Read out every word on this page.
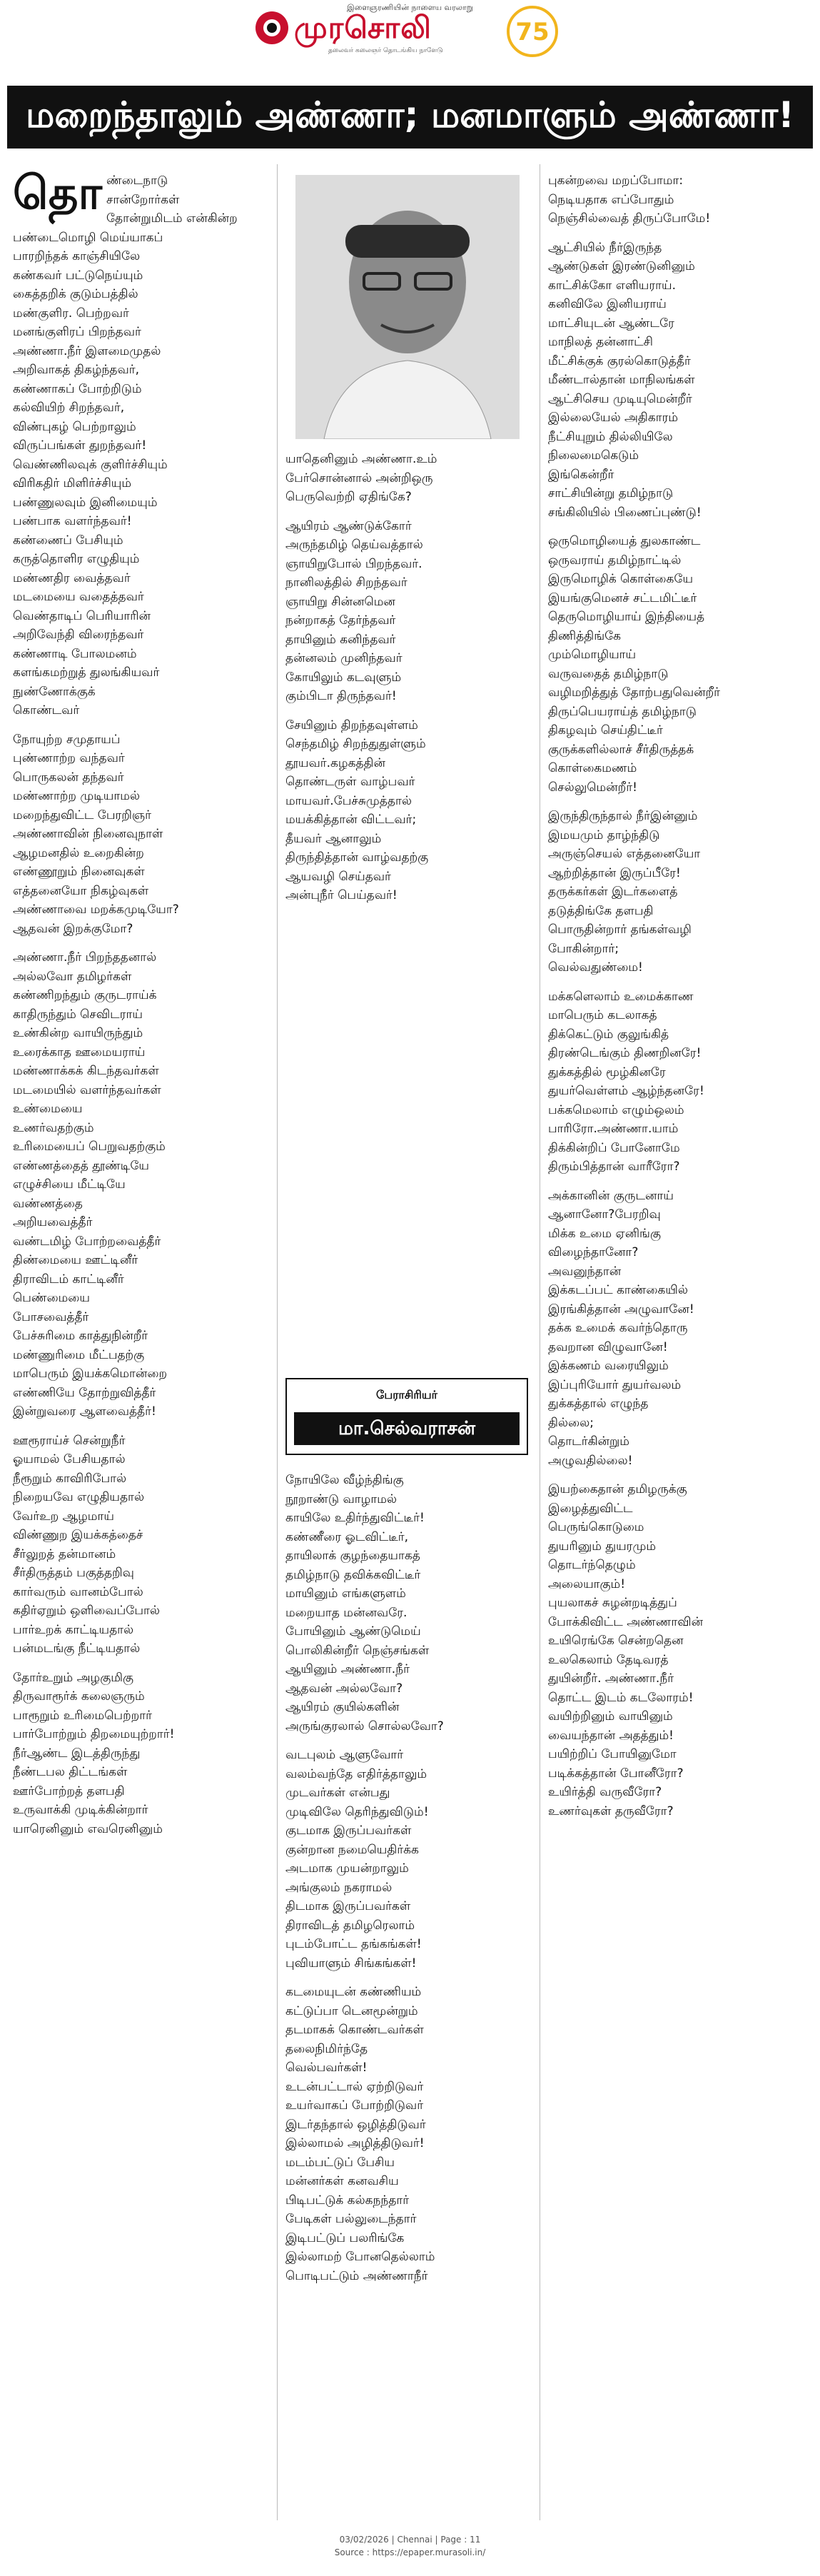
இளைஞரணியின் நாளைய வரலாறு
முரசொலி
தலைவர் கலைஞர் தொடங்கிய நாளேடு
75
மறைந்தாலும் அண்ணா; மனமாளும் அண்ணா!
தொ ண்டைநாடு
சான்றோர்கள்
தோன்றுமிடம் என்கின்ற
பண்டைமொழி மெய்யாகப்
பாரறிந்தக் காஞ்சியிலே
கண்கவர் பட்டுநெய்யும்
கைத்தறிக் குடும்பத்தில்
மண்குளிர. பெற்றவர்
மனங்குளிரப் பிறந்தவர்
அண்ணா.நீர் இளமைமுதல்
அறிவாகத் திகழ்ந்தவர்,
கண்ணாகப் போற்றிடும்
கல்வியிற் சிறந்தவர்,
விண்புகழ் பெற்றாலும்
விருப்பங்கள் துறந்தவர்!
வெண்ணிலவுக் குளிர்ச்சியும்
விரிகதிர் மிளிர்ச்சியும்
பண்ணுலவும் இனிமையும்
பண்பாக வளர்ந்தவர்!
கண்ணைப் பேசியும்
கருத்தொளிர எழுதியும்
மண்ணதிர வைத்தவர்
மடமையை வதைத்தவர்
வெண்தாடிப் பெரியாரின்
அறிவேந்தி விரைந்தவர்
கண்ணாடி போலமனம்
களங்கமற்றுத் துலங்கியவர்
நுண்ணோக்குக்
கொண்டவர்

நோயுற்ற சமுதாயப்
புண்ணாற்ற வந்தவர்
பொருகலன் தந்தவர்
மண்ணாற்ற முடியாமல்
மறைந்துவிட்ட பேரறிஞர்
அண்ணாவின் நினைவுநாள்
ஆழமனதில் உறைகின்ற
எண்ணூறும் நினைவுகள்
எத்தனையோ நிகழ்வுகள்
அண்ணாவை மறக்கமுடியோ?
ஆதவன் இறக்குமோ?

அண்ணா.நீர் பிறந்ததனால்
அல்லவோ தமிழர்கள்
கண்ணிறந்தும் குருடராய்க்
காதிருந்தும் செவிடராய்
உண்கின்ற வாயிருந்தும்
உரைக்காத ஊமையராய்
மண்ணாக்கக் கிடந்தவர்கள்
மடமையில் வளர்ந்தவர்கள்
உண்மையை
உணர்வதற்கும்
உரிமையைப் பெறுவதற்கும்
எண்ணத்தைத் தூண்டியே
எழுச்சியை மீட்டியே
வண்ணத்தை
அறியவைத்தீர்
வண்டமிழ் போற்றவைத்தீர்
திண்மையை ஊட்டினீர்
திராவிடம் காட்டினீர்
பெண்மையை
போசவைத்தீர்
பேச்சுரிமை காத்துநின்றீர்
மண்ணுரிமை மீட்பதற்கு
மாபெரும் இயக்கமொன்றை
எண்ணியே தோற்றுவித்தீர்
இன்றுவரை ஆளவைத்தீர்!

ஊரூராய்ச் சென்றுநீர்
ஓயாமல் பேசியதால்
நீரூறும் காவிரிபோல்
நிறையவே எழுதியதால்
வேர்உற ஆழமாய்
விண்ணுற இயக்கத்தைச்
சீர்லுறத் தன்மானம்
சீர்திருத்தம் பகுத்தறிவு
கார்வரும் வானம்போல்
கதிர்ஏறும் ஒளிவைப்போல்
பார்உறக் காட்டியதால்
பன்மடங்கு நீட்டியதால்

தோர்உறும் அழகுமிகு
திருவாரூர்க் கலைஞரும்
பாரூறும் உரிமைபெற்றார்
பார்போற்றும் திறமையுற்றார்!
நீர்ஆண்ட இடத்திருந்து
நீண்டபல திட்டங்கள்
ஊர்போற்றத் தளபதி
உருவாக்கி முடிக்கின்றார்
யாரெனினும் எவரெனினும்

யாதெனினும் அண்ணா.உம்
பேர்சொன்னால் அன்றிஒரு
பெருவெற்றி ஏதிங்கே?

ஆயிரம் ஆண்டுக்கோர்
அருந்தமிழ் தெய்வத்தால்
ஞாயிறுபோல் பிறந்தவர்.
நானிலத்தில் சிறந்தவர்
ஞாயிறு சின்னமென
நன்றாகத் தேர்ந்தவர்
தாயினும் கனிந்தவர்
தன்னலம் முனிந்தவர்
கோயிலும் கடவுளும்
கும்பிடா திருந்தவர்!

சேயினும் திறந்தவுள்ளம்
செந்தமிழ் சிறந்துதுள்ளும்
தூயவர்.கழகத்தின்
தொண்டருள் வாழ்பவர்
மாயவர்.பேச்சுமுத்தால்
மயக்கித்தான் விட்டவர்;
தீயவர் ஆனாலும்
திருந்தித்தான் வாழ்வதற்கு
ஆயவழி செய்தவர்
அன்புநீர் பெய்தவர்!

பேராசிரியர்
மா.செல்வராசன்

நோயிலே வீழ்ந்திங்கு
நூறாண்டு வாழாமல்
காயிலே உதிர்ந்துவிட்டீர்!
கண்ணீரை ஓடவிட்டீர்,
தாயிலாக் குழந்தையாகத்
தமிழ்நாடு தவிக்கவிட்டீர்
மாயினும் எங்களுளம்
மறையாத மன்னவரே.
போயினும் ஆண்டுமெய்
பொலிகின்றீர் நெஞ்சங்கள்
ஆயினும் அண்ணா.நீர்
ஆதவன் அல்லவோ?
ஆயிரம் குயில்களின்
அருங்குரலால் சொல்லவோ?

வடபுலம் ஆளுவோர்
வலம்வந்தே எதிர்த்தாலும்
முடவர்கள் என்பது
முடிவிலே தெரிந்துவிடும்!
குடமாக இருப்பவர்கள்
குன்றான நமையெதிர்க்க
அடமாக முயன்றாலும்
அங்குலம் நகராமல்
திடமாக இருப்பவர்கள்
திராவிடத் தமிழரெலாம்
புடம்போட்ட தங்கங்கள்!
புவியாளும் சிங்கங்கள்!

கடமையுடன் கண்ணியம்
கட்டுப்பா டெனமூன்றும்
தடமாகக் கொண்டவர்கள்
தலைநிமிர்ந்தே
வெல்பவர்கள்!
உடன்பட்டால் ஏற்றிடுவர்
உயர்வாகப் போற்றிடுவர்
இடர்தந்தால் ஒழித்திடுவர்
இல்லாமல் அழித்திடுவர்!
மடம்பட்டுப் பேசிய
மன்னர்கள் கனவசிய
பிடிபட்டுக் கல்கநந்தார்
பேடிகள் பல்லுடைந்தார்
இடிபட்டுப் பலரிங்கே
இல்லாமற் போனதெல்லாம்
பொடிபட்டும் அண்ணாநீர்

புகன்றவை மறப்போமா:
நெடியதாக எப்போதும்
நெஞ்சில்வைத் திருப்போமே!

ஆட்சியில் நீர்இருந்த
ஆண்டுகள் இரண்டுனினும்
காட்சிக்கோ எளியராய்.
கனிவிலே இனியராய்
மாட்சியுடன் ஆண்டரே
மாநிலத் தன்னாட்சி
மீட்சிக்குக் குரல்கொடுத்தீர்
மீண்டால்தான் மாநிலங்கள்
ஆட்சிசெய முடியுமென்றீர்
இல்லையேல் அதிகாரம்
நீட்சியுறும் தில்லியிலே
நிலைமைகெடும்
இங்கென்றீர்
சாட்சியின்று தமிழ்நாடு
சங்கிலியில் பிணைப்புண்டு!

ஒருமொழியைத் துலகாண்ட
ஒருவராய் தமிழ்நாட்டில்
இருமொழிக் கொள்கையே
இயங்குமெனச் சட்டமிட்டீர்
தெருமொழியாய் இந்தியைத்
திணித்திங்கே
மும்மொழியாய்
வருவதைத் தமிழ்நாடு
வழிமறித்துத் தோற்பதுவென்றீர்
திருப்பெயராய்த் தமிழ்நாடு
திகழவும் செய்திட்டீர்
குருக்களில்லாச் சீர்திருத்தக்
கொள்கைமணம்
செல்லுமென்றீர்!

இருந்திருந்தால் நீர்இன்னும்
இமயமும் தாழ்ந்திடு
அருஞ்செயல் எத்தனையோ
ஆற்றித்தான் இருப்பீரே!
தருக்கர்கள் இடர்களைத்
தடுத்திங்கே தளபதி
பொருதின்றார் தங்கள்வழி
போகின்றார்;
வெல்வதுண்மை!

மக்களெலாம் உமைக்காண
மாபெரும் கடலாகத்
திக்கெட்டும் குலுங்கித்
திரண்டெங்கும் திணறினரே!
துக்கத்தில் மூழ்கினரே
துயர்வெள்ளம் ஆழ்ந்தனரே!
பக்கமெலாம் எழும்ஒலம்
பாரிரோ.அண்ணா.யாம்
திக்கின்றிப் போனோமே
திரும்பித்தான் வாரீரோ?

அக்கானின் குருடனாய்
ஆனானோ?பேரறிவு
மிக்க உமை ஏனிங்கு
விழைந்தானோ?
அவனுந்தான்
இக்கடப்பட் காண்கையில்
இரங்கித்தான் அழுவானே!
தக்க உமைக் கவர்ந்தொரு
தவறான விழுவானே!
இக்கணம் வரையிலும்
இப்புரியோர் துயர்வலம்
துக்கத்தால் எழுந்த
தில்லை;
தொடர்கின்றும்
அழுவதில்லை!

இயற்கைதான் தமிழருக்கு
இழைத்துவிட்ட
பெருங்கொடுமை
துயரினும் துயரமும்
தொடர்ந்தெழும்
அலையாகும்!
புயலாகச் சுழன்றடித்துப்
போக்கிவிட்ட அண்ணாவின்
உயிரெங்கே சென்றதென
உலகெலாம் தேடிவரத்
துயின்றீர். அண்ணா.நீர்
தொட்ட இடம் கடலோரம்!
வயிற்றினும் வாயினும்
வையந்தான் அதத்தும்!
பயிற்றிப் போயினுமோ
படிக்கத்தான் போனீரோ?
உயிர்த்தி வருவீரோ?
உணர்வுகள் தருவீரோ?

03/02/2026 | Chennai | Page : 11
Source : https://epaper.murasoli.in/
